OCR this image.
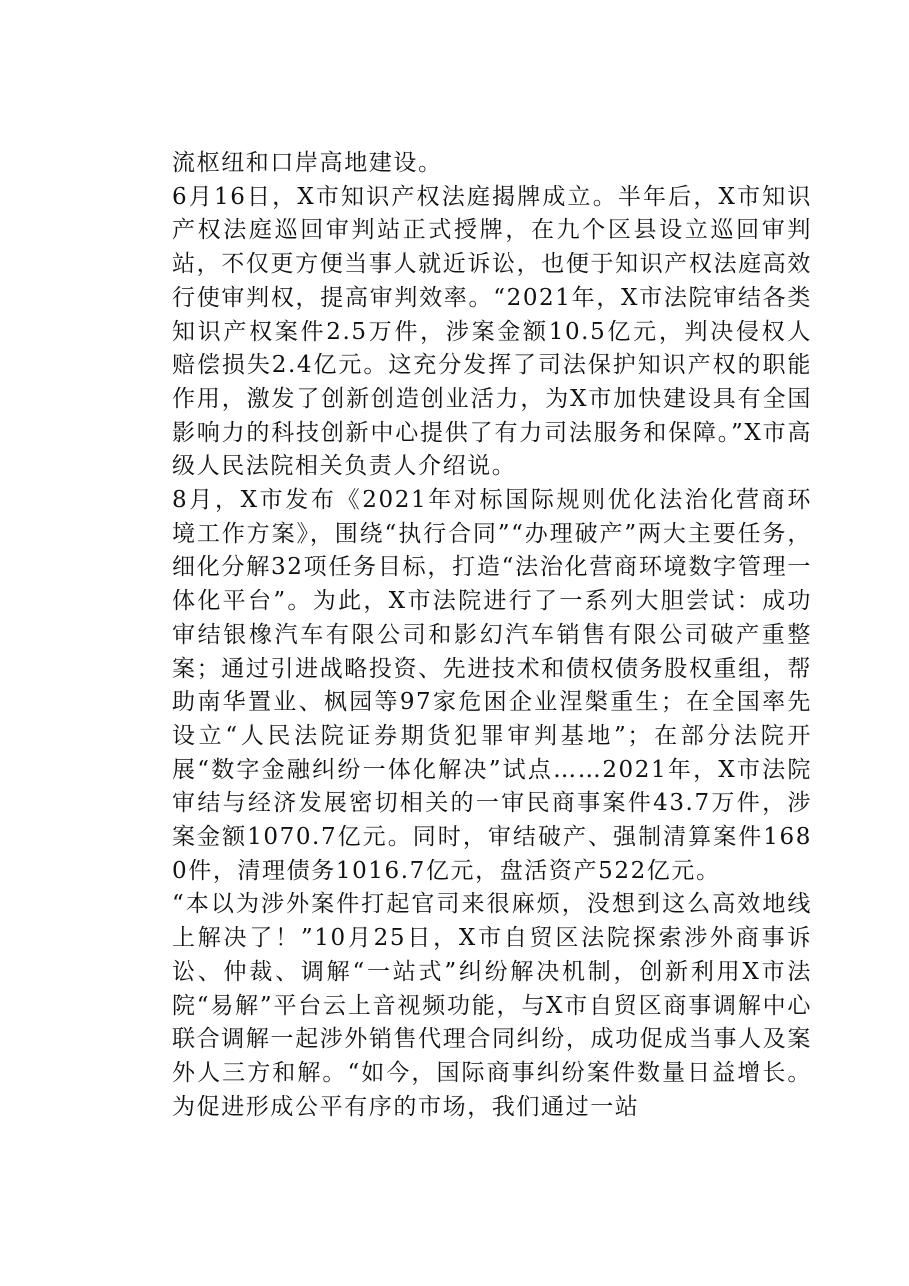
流枢纽和口岸高地建设。

6月16日，X市知识产权法庭揭牌成立。半年后，X市知识产权法庭巡回审判站正式授牌，在九个区县设立巡回审判站，不仅更方便当事人就近诉讼，也便于知识产权法庭高效行使审判权，提高审判效率。“2021年，X市法院审结各类知识产权案件2.5万件，涉案金额10.5亿元，判决侵权人赔偿损失2.4亿元。这充分发挥了司法保护知识产权的职能作用，激发了创新创造创业活力，为X市加快建设具有全国影响力的科技创新中心提供了有力司法服务和保障。”X市高级人民法院相关负责人介绍说。

8月，X市发布《2021年对标国际规则优化法治化营商环境工作方案》，围绕“执行合同”“办理破产”两大主要任务，细化分解32项任务目标，打造“法治化营商环境数字管理一体化平台”。为此，X市法院进行了一系列大胆尝试：成功审结银橡汽车有限公司和影幻汽车销售有限公司破产重整案；通过引进战略投资、先进技术和债权债务股权重组，帮助南华置业、枫园等97家危困企业涅槃重生；在全国率先设立“人民法院证券期货犯罪审判基地”；在部分法院开展“数字金融纠纷一体化解决”试点……2021年，X市法院审结与经济发展密切相关的一审民商事案件43.7万件，涉案金额1070.7亿元。同时，审结破产、强制清算案件1680件，清理债务1016.7亿元，盘活资产522亿元。

“本以为涉外案件打起官司来很麻烦，没想到这么高效地线上解决了！”10月25日，X市自贸区法院探索涉外商事诉讼、仲裁、调解“一站式”纠纷解决机制，创新利用X市法院“易解”平台云上音视频功能，与X市自贸区商事调解中心联合调解一起涉外销售代理合同纠纷，成功促成当事人及案外人三方和解。“如今，国际商事纠纷案件数量日益增长。为促进形成公平有序的市场，我们通过一站
